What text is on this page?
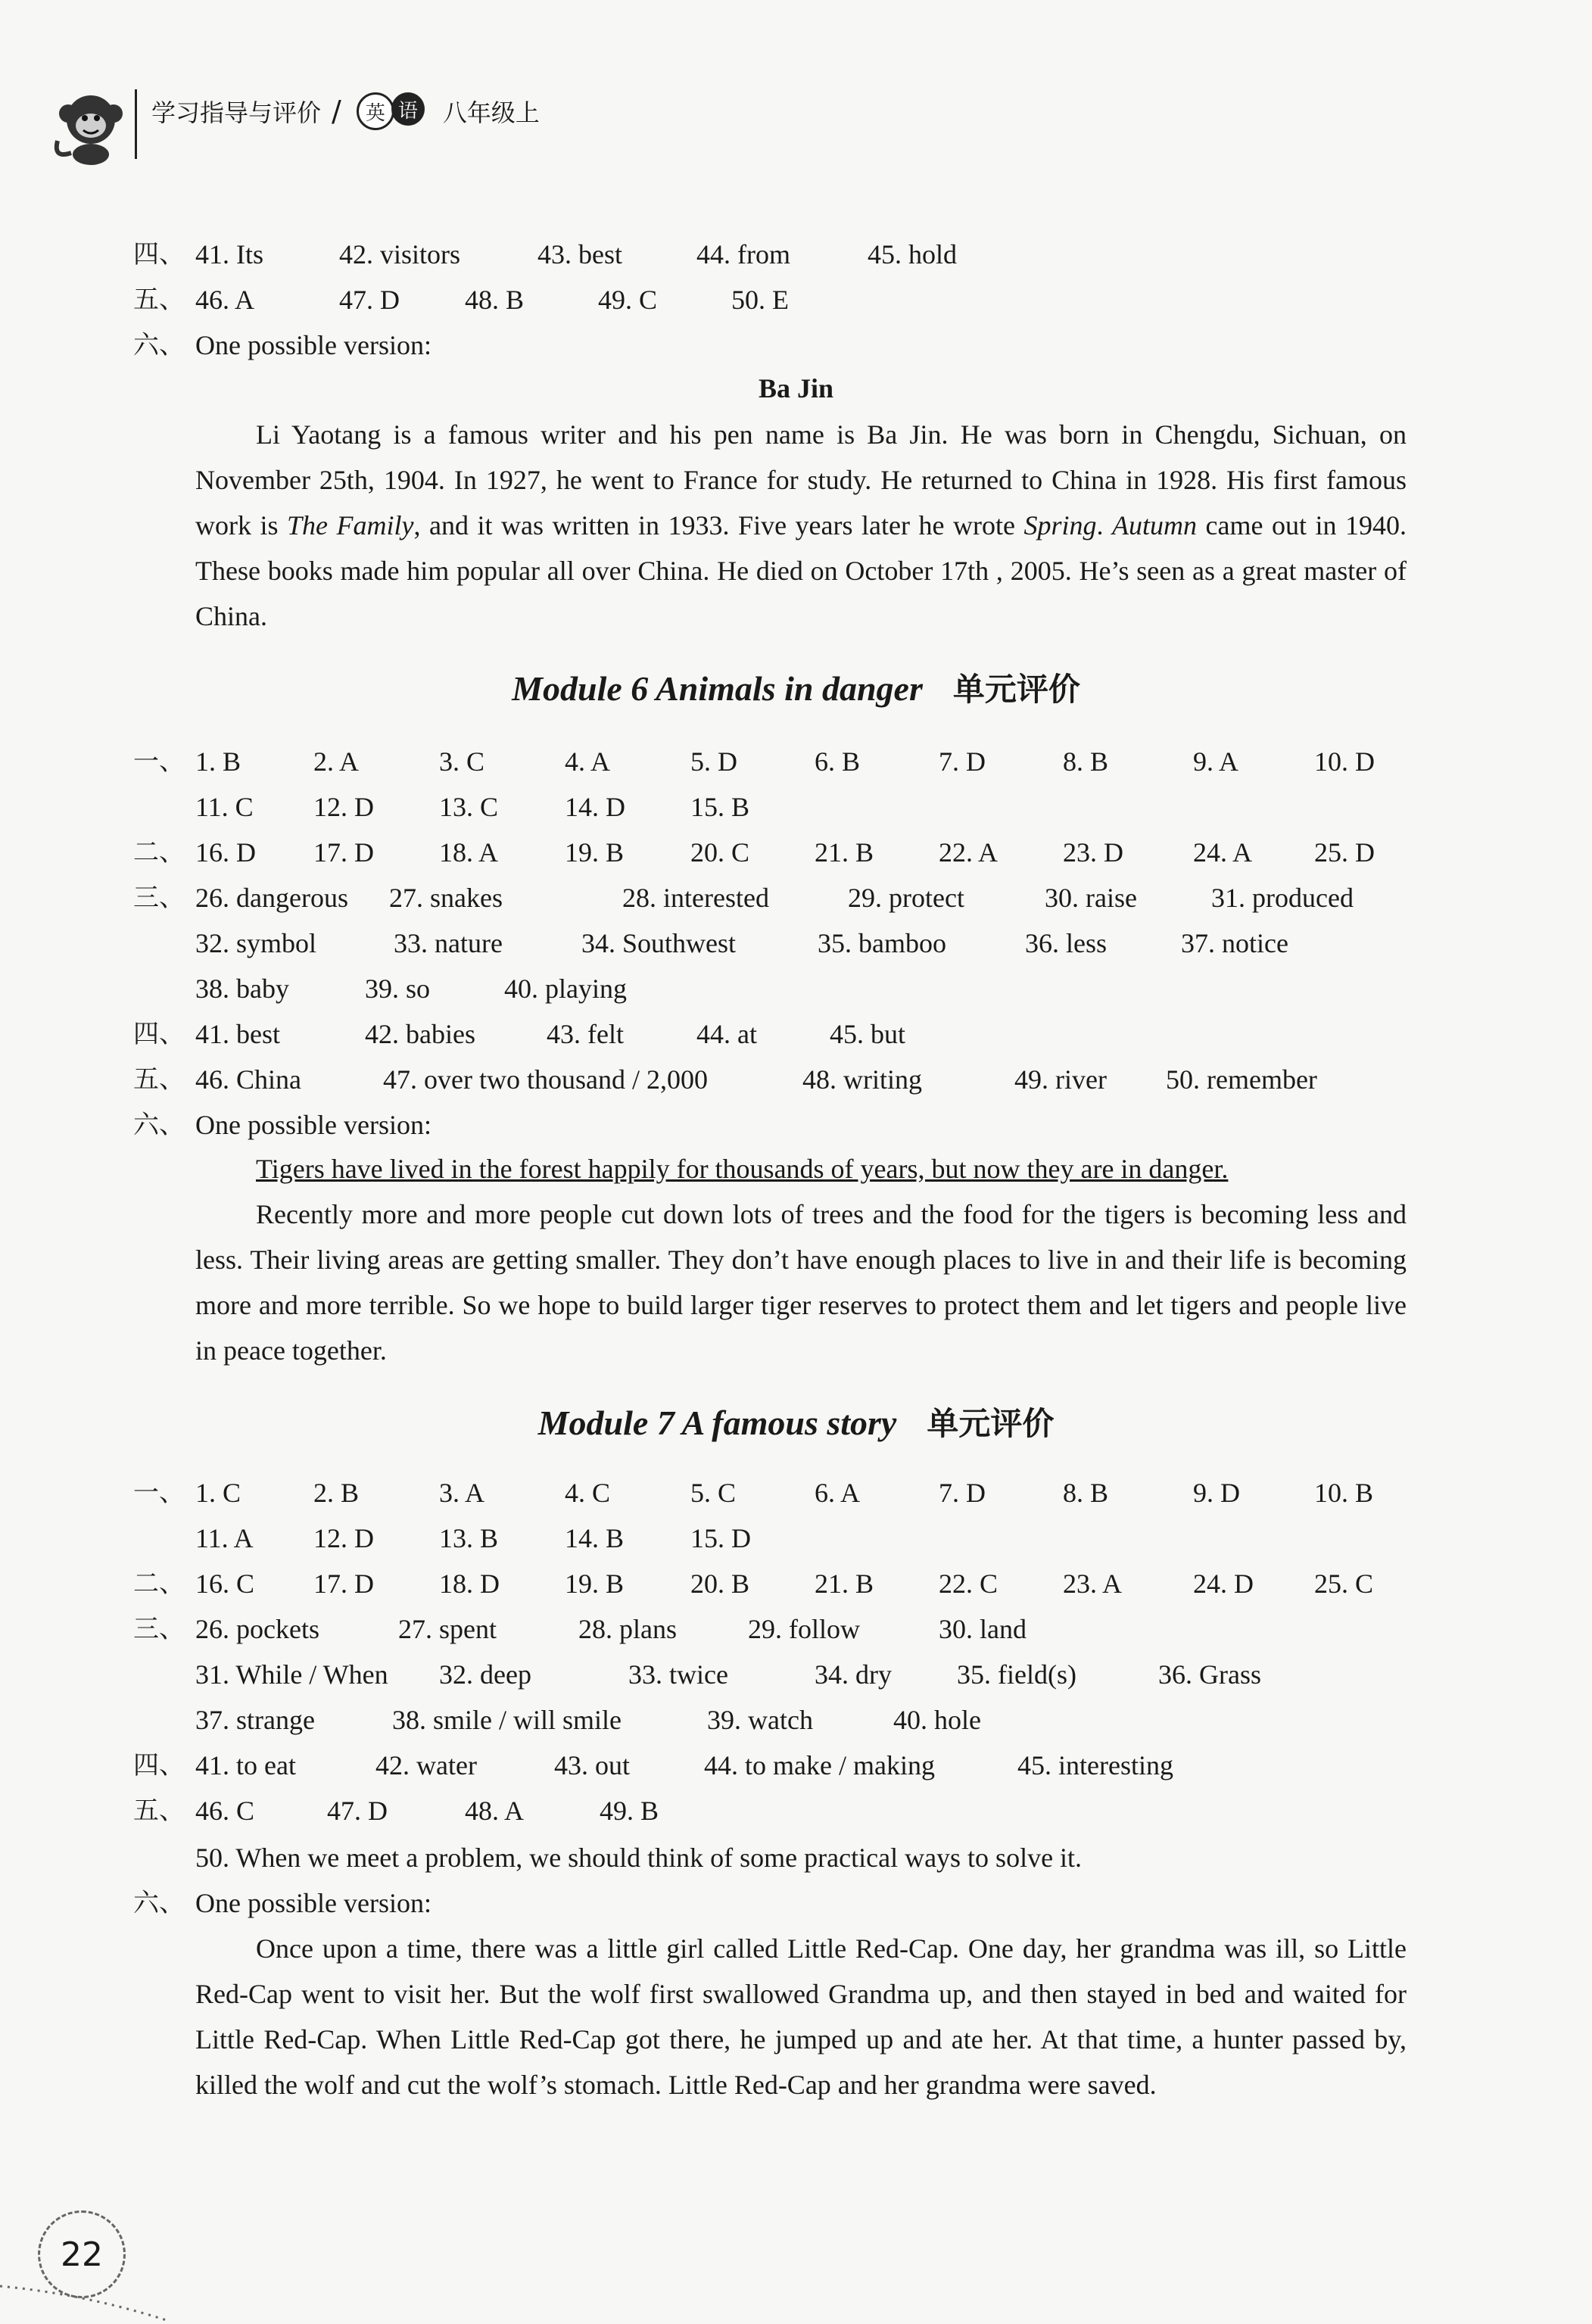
学习指导与评价 /	英 语 八年级上
四、 41. Its	42. visitors	43. best	44. from	45. hold
五、 46. A	47. D 48. B	49. C	50. E
六、 One possible version:
Ba Jin

Li Yaotang is a famous writer and his pen name is Ba Jin. He was born in Chengdu, Sichuan, on November 25th, 1904. In 1927, he went to France for study. He returned to China in 1928. His first famous work is The Family, and it was written in 1933. Five years later he wrote Spring. Autumn came out in 1940. These books made him popular all over China. He died on October 17th , 2005. He’s seen as a great master of China.

Module 6 Animals in danger 单元评价
一、 1. B	2. A	3. C	4. A	5. D	6. B	7. D	8. B	9. A	10. D
11. C 12. D 13. C 14. D 15. B
二、 16. D 17. D 18. A 19. B 20. C 21. B 22. A 23. D	24. A 25. D
三、 26. dangerous 27. snakes	28. interested	29. protect	30. raise	31. produced
32. symbol	33. nature	34. Southwest	35. bamboo	36. less	37. notice
38. baby	39. so	40. playing
四、 41. best	42. babies	43. felt	44. at	45. but
五、 46. China	47. over two thousand / 2,000	48. writing	49. river 50. remember
六、 One possible version:

Tigers have lived in the forest happily for thousands of years, but now they are in danger.

Recently more and more people cut down lots of trees and the food for the tigers is becoming less and less. Their living areas are getting smaller. They don’t have enough places to live in and their life is becoming more and more terrible. So we hope to build larger tiger reserves to protect them and let tigers and people live in peace together.

Module 7 A famous story 单元评价
一、 1. C	2. B	3. A	4. C	5. C	6. A	7. D	8. B	9. D	10. B
11. A 12. D 13. B 14. B 15. D
二、 16. C 17. D 18. D 19. B 20. B 21. B 22. C 23. A	24. D 25. C
三、 26. pockets	27. spent	28. plans	29. follow	30. land
31. While / When 32. deep	33. twice	34. dry 35. field(s)	36. Grass
37. strange	38. smile / will smile	39. watch	40. hole
四、 41. to eat	42. water	43. out	44. to make / making	45. interesting
五、 46. C	47. D	48. A	49. B
50. When we meet a problem, we should think of some practical ways to solve it.
六、 One possible version:

Once upon a time, there was a little girl called Little Red-Cap. One day, her grandma was ill, so Little Red-Cap went to visit her. But the wolf first swallowed Grandma up, and then stayed in bed and waited for Little Red-Cap. When Little Red-Cap got there, he jumped up and ate her. At that time, a hunter passed by, killed the wolf and cut the wolf’s stomach. Little Red-Cap and her grandma were saved.

22
